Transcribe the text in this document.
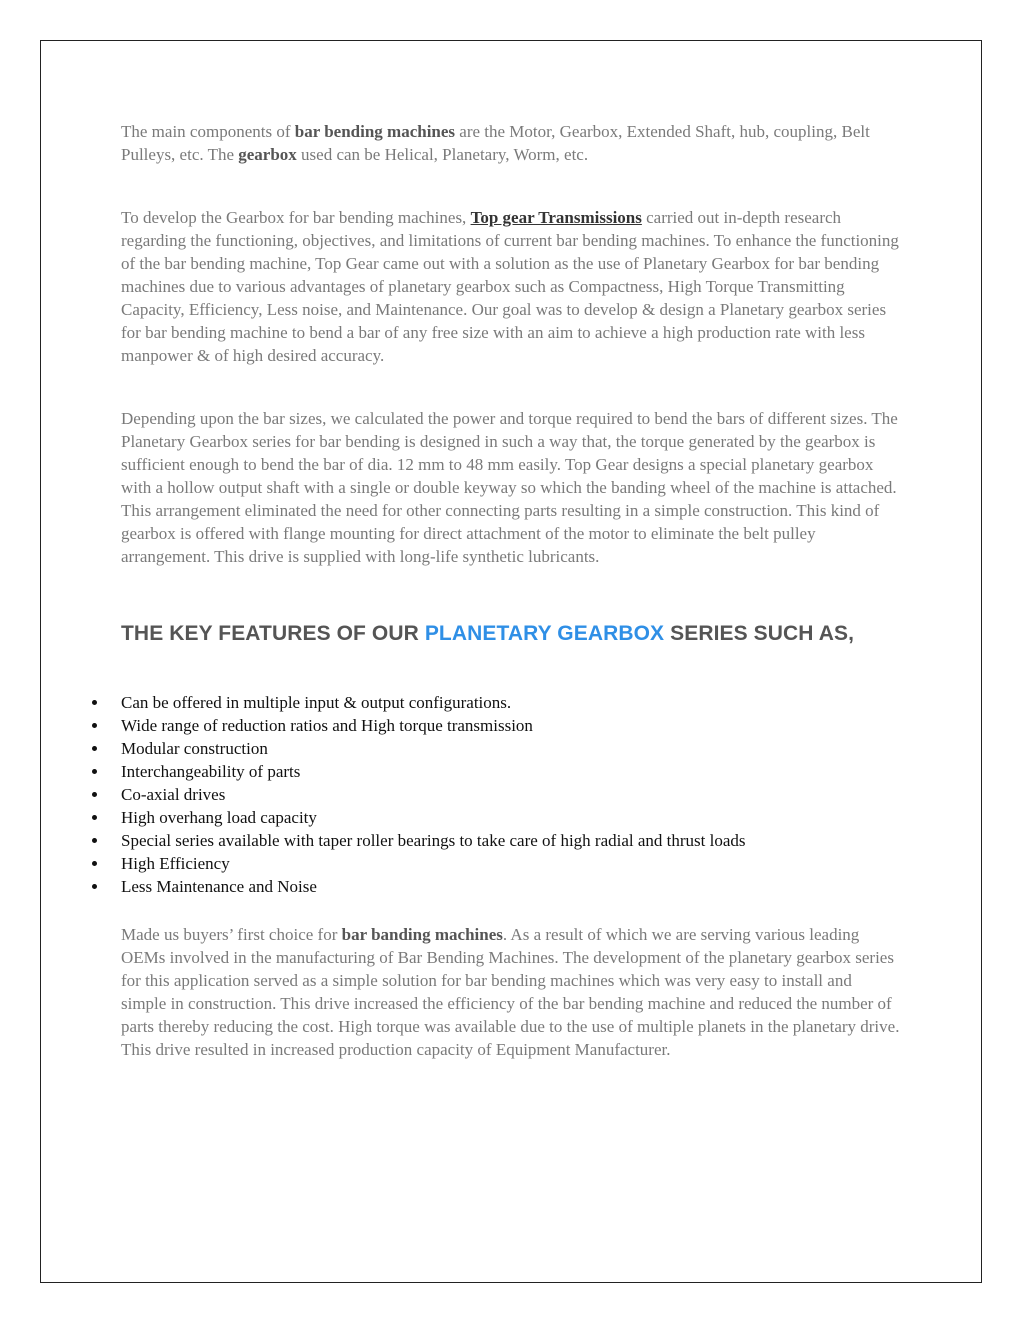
The main components of bar bending machines are the Motor, Gearbox, Extended Shaft, hub, coupling, Belt Pulleys, etc. The gearbox used can be Helical, Planetary, Worm, etc.

To develop the Gearbox for bar bending machines, Top gear Transmissions carried out in-depth research regarding the functioning, objectives, and limitations of current bar bending machines. To enhance the functioning of the bar bending machine, Top Gear came out with a solution as the use of Planetary Gearbox for bar bending machines due to various advantages of planetary gearbox such as Compactness, High Torque Transmitting Capacity, Efficiency, Less noise, and Maintenance. Our goal was to develop & design a Planetary gearbox series for bar bending machine to bend a bar of any free size with an aim to achieve a high production rate with less manpower & of high desired accuracy.

Depending upon the bar sizes, we calculated the power and torque required to bend the bars of different sizes. The Planetary Gearbox series for bar bending is designed in such a way that, the torque generated by the gearbox is sufficient enough to bend the bar of dia. 12 mm to 48 mm easily. Top Gear designs a special planetary gearbox with a hollow output shaft with a single or double keyway so which the banding wheel of the machine is attached. This arrangement eliminated the need for other connecting parts resulting in a simple construction. This kind of gearbox is offered with flange mounting for direct attachment of the motor to eliminate the belt pulley arrangement. This drive is supplied with long-life synthetic lubricants.

THE KEY FEATURES OF OUR PLANETARY GEARBOX SERIES SUCH AS,
Can be offered in multiple input & output configurations.
Wide range of reduction ratios and High torque transmission
Modular construction
Interchangeability of parts
Co-axial drives
High overhang load capacity
Special series available with taper roller bearings to take care of high radial and thrust loads
High Efficiency
Less Maintenance and Noise

Made us buyers’ first choice for bar banding machines. As a result of which we are serving various leading OEMs involved in the manufacturing of Bar Bending Machines. The development of the planetary gearbox series for this application served as a simple solution for bar bending machines which was very easy to install and simple in construction. This drive increased the efficiency of the bar bending machine and reduced the number of parts thereby reducing the cost. High torque was available due to the use of multiple planets in the planetary drive. This drive resulted in increased production capacity of Equipment Manufacturer.
